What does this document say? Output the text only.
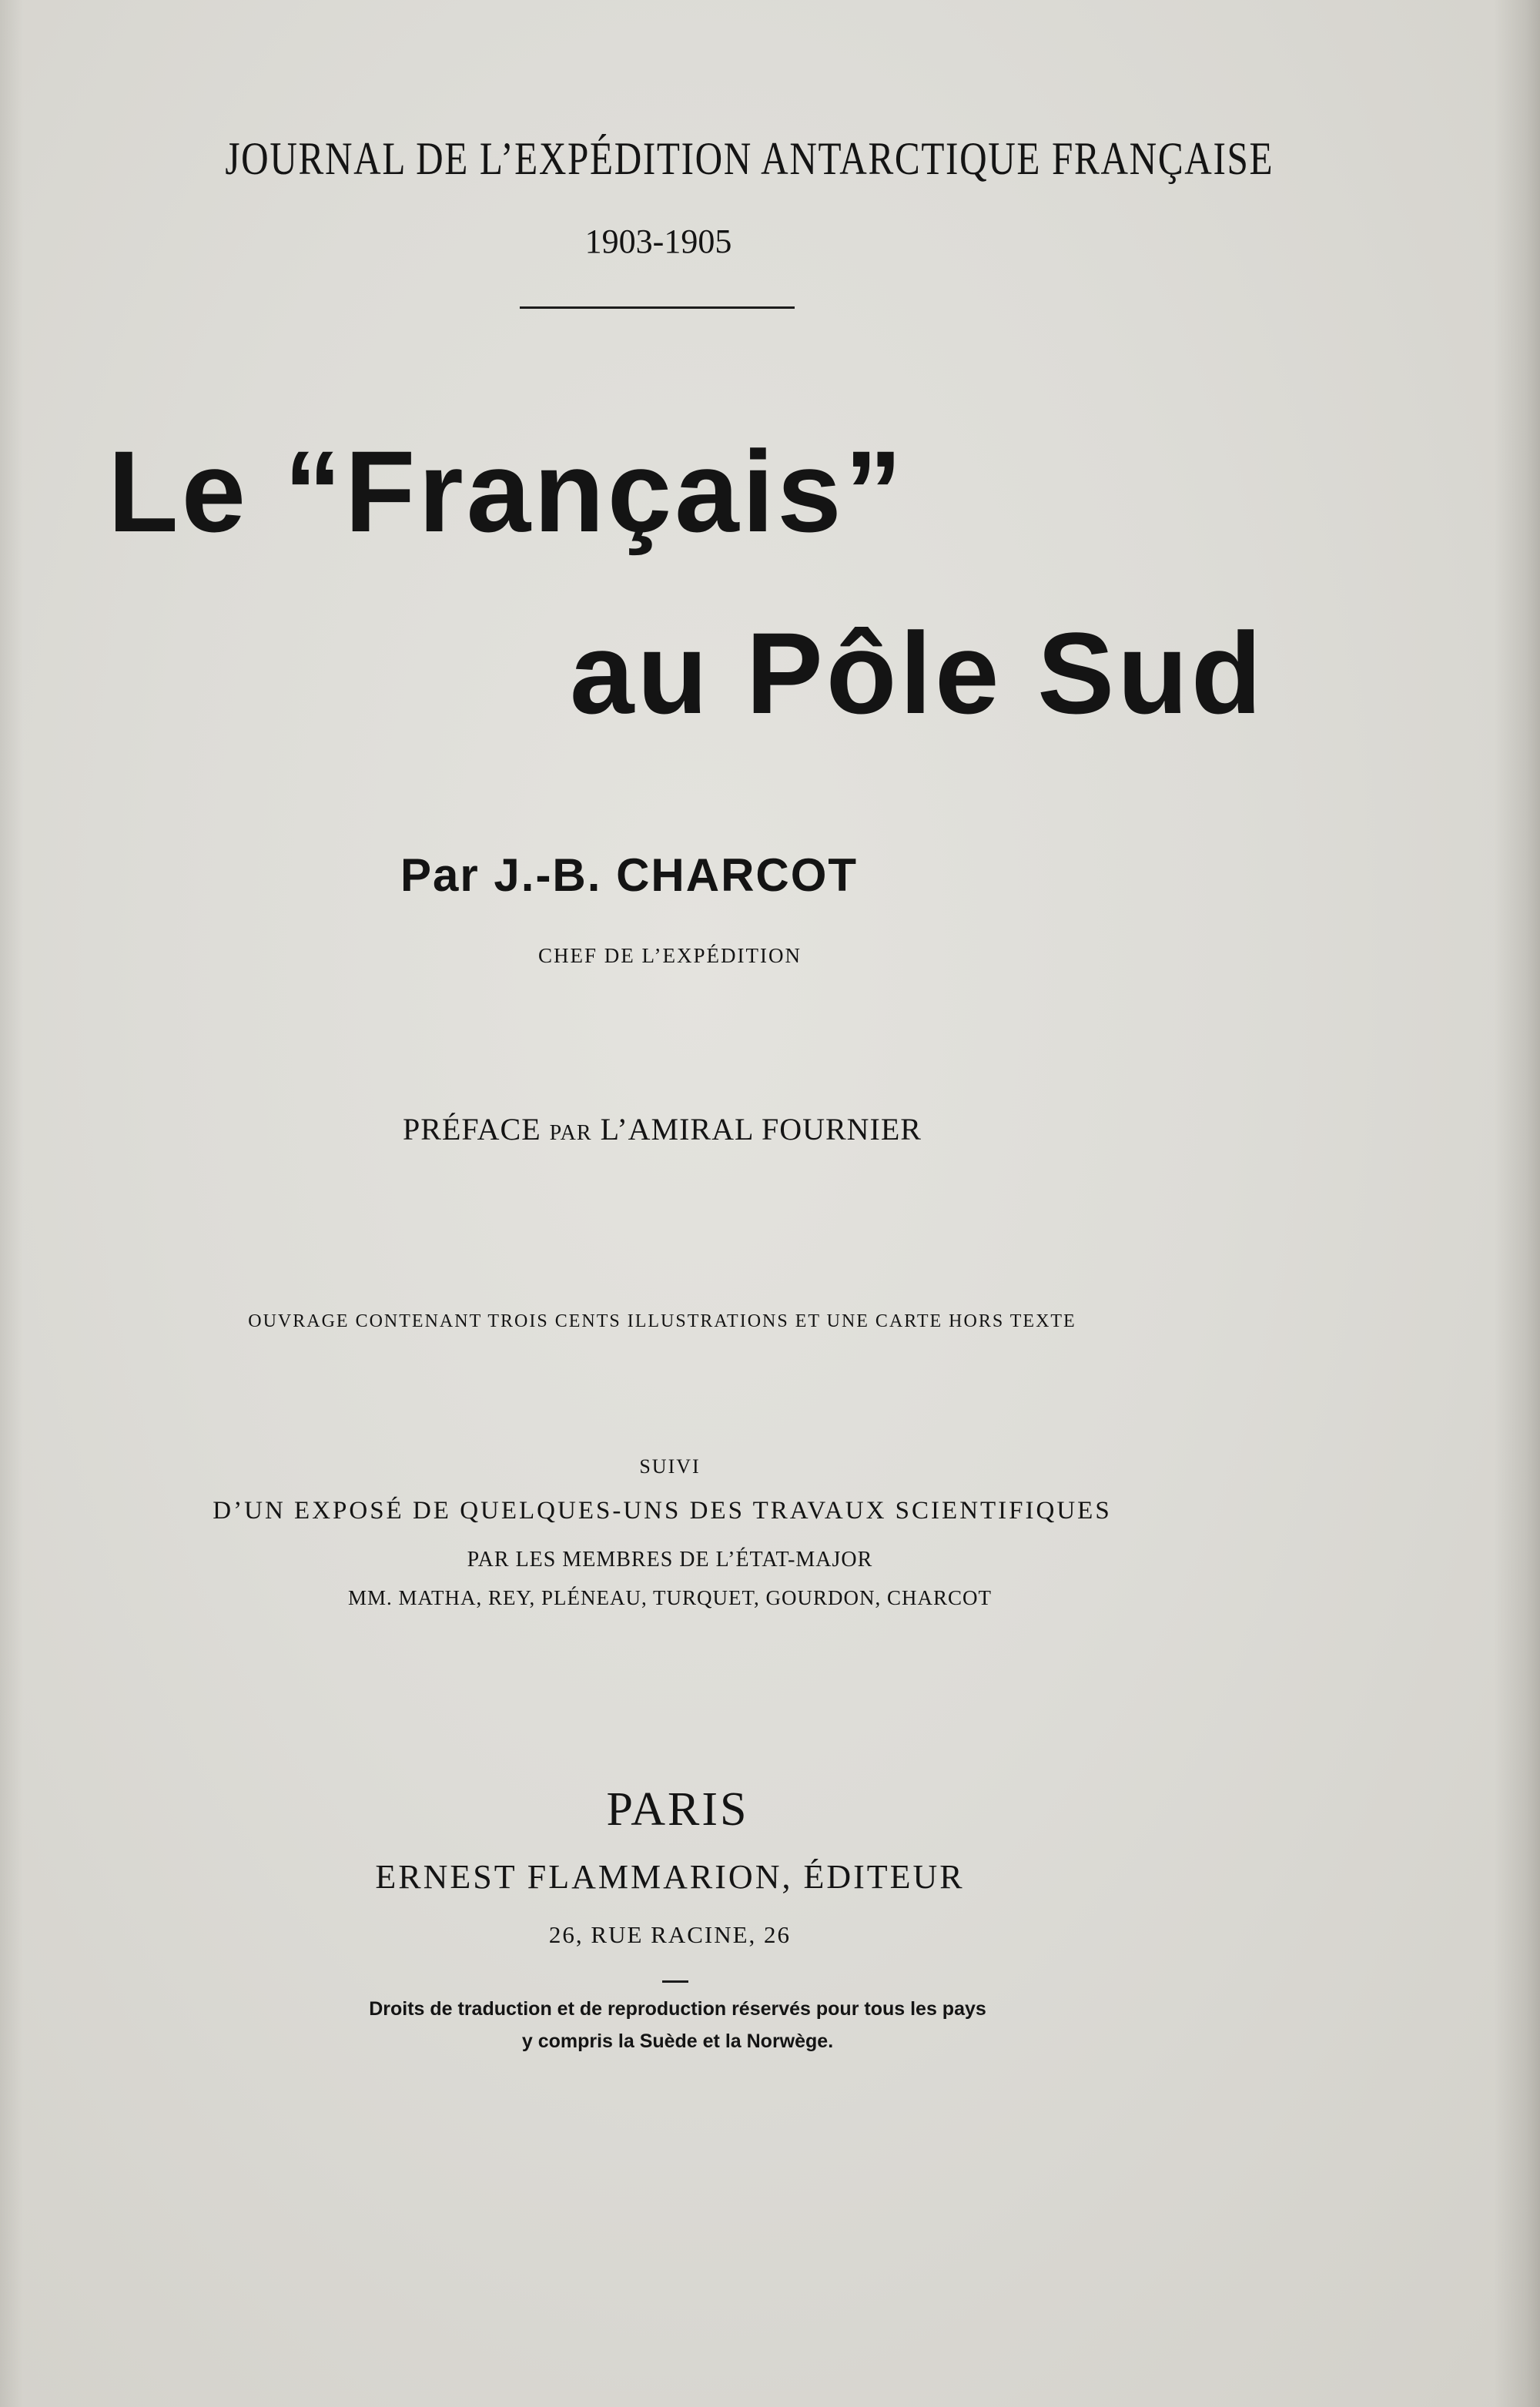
JOURNAL DE L’EXPÉDITION ANTARCTIQUE FRANÇAISE
1903-1905
Le “Français”
au Pôle Sud
Par J.-B. CHARCOT
CHEF DE L’EXPÉDITION
PRÉFACE PAR L’AMIRAL FOURNIER
OUVRAGE CONTENANT TROIS CENTS ILLUSTRATIONS ET UNE CARTE HORS TEXTE
SUIVI
D’UN EXPOSÉ DE QUELQUES-UNS DES TRAVAUX SCIENTIFIQUES
PAR LES MEMBRES DE L’ÉTAT-MAJOR
MM. MATHA, REY, PLÉNEAU, TURQUET, GOURDON, CHARCOT
PARIS
ERNEST FLAMMARION, ÉDITEUR
26, RUE RACINE, 26
Droits de traduction et de reproduction réservés pour tous les pays
y compris la Suède et la Norwège.
